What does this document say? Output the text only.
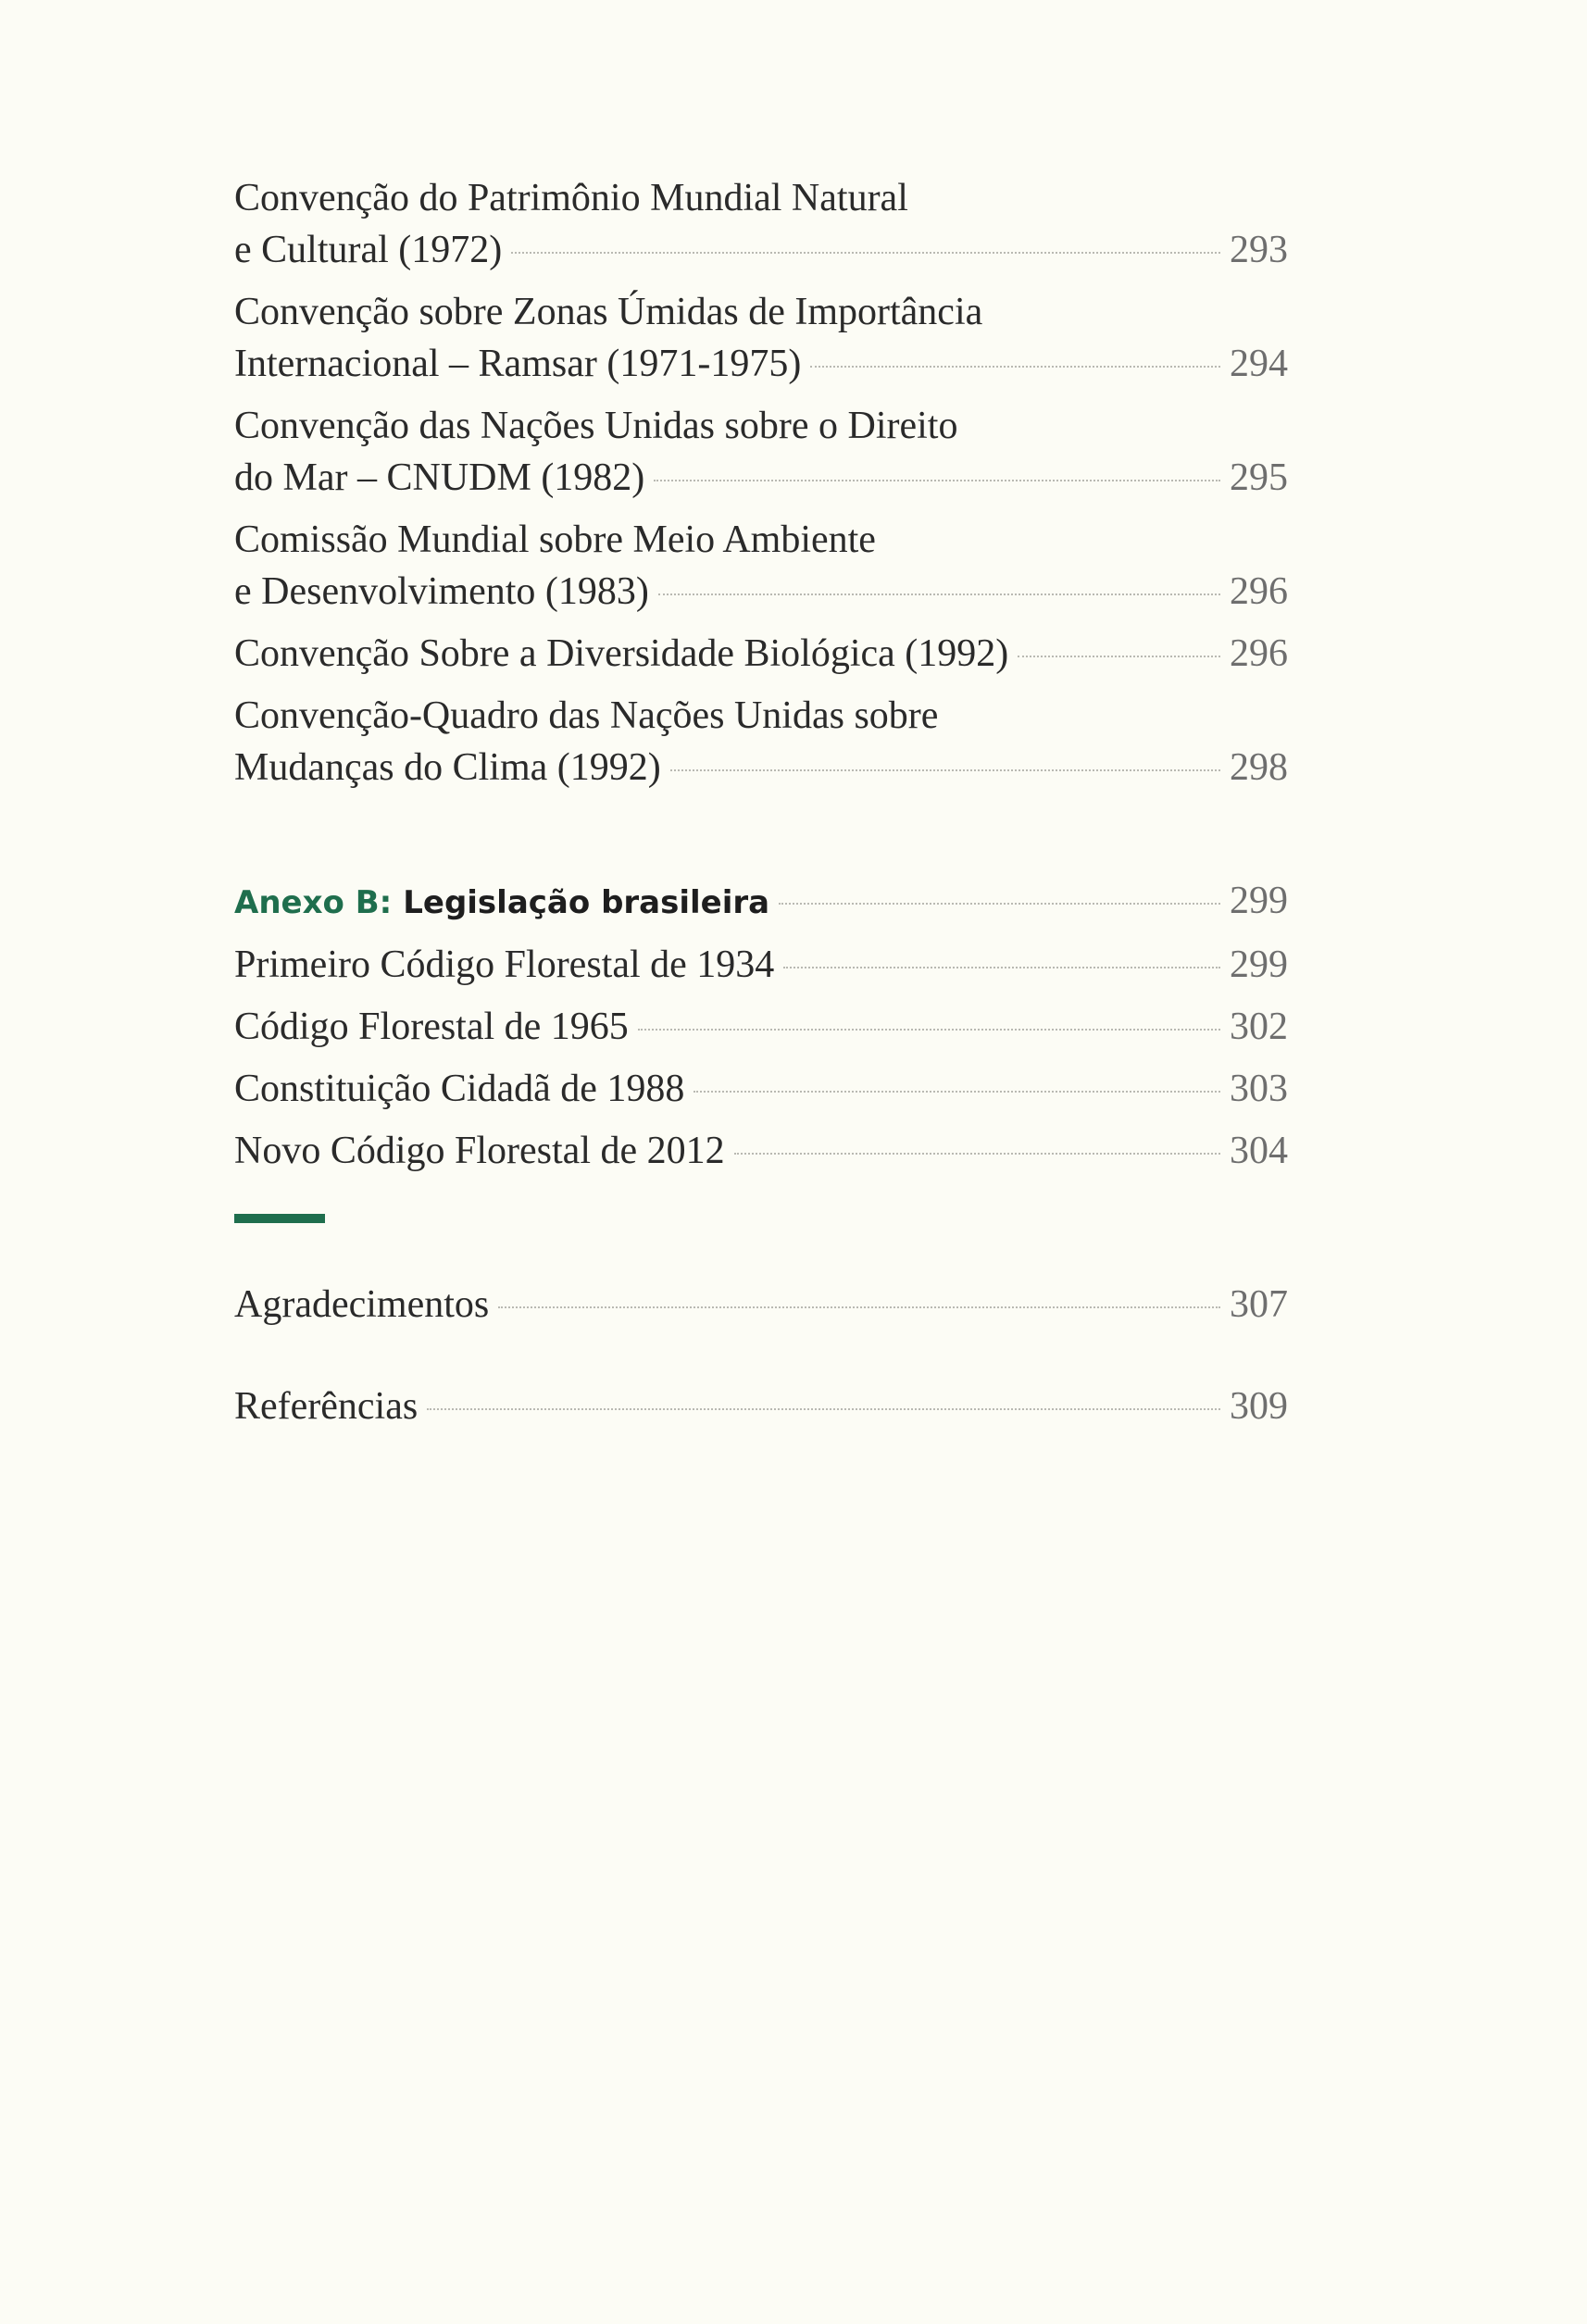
Convenção do Patrimônio Mundial Natural
e Cultural (1972)	293
Convenção sobre Zonas Úmidas de Importância
Internacional – Ramsar (1971-1975)	294
Convenção das Nações Unidas sobre o Direito
do Mar – CNUDM (1982)	295
Comissão Mundial sobre Meio Ambiente
e Desenvolvimento (1983)	296
Convenção Sobre a Diversidade Biológica (1992)	296
Convenção-Quadro das Nações Unidas sobre
Mudanças do Clima (1992)	298
Anexo B: Legislação brasileira	299
Primeiro Código Florestal de 1934	299
Código Florestal de 1965	302
Constituição Cidadã de 1988	303
Novo Código Florestal de 2012	304
Agradecimentos	307
Referências	309
